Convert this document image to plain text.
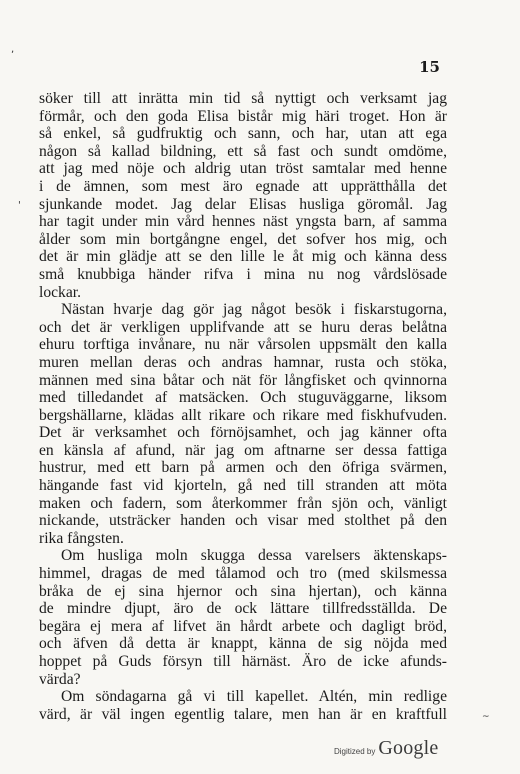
,
'
15
söker till att inrätta min tid så nyttigt och verksamt jag
förmår, och den goda Elisa bistår mig häri troget. Hon är
så enkel, så gudfruktig och sann, och har, utan att ega
någon så kallad bildning, ett så fast och sundt omdöme,
att jag med nöje och aldrig utan tröst samtalar med henne
i de ämnen, som mest äro egnade att upprätthålla det
sjunkande modet. Jag delar Elisas husliga göromål. Jag
har tagit under min vård hennes näst yngsta barn, af samma
ålder som min bortgångne engel, det sofver hos mig, och
det är min glädje att se den lille le åt mig och känna dess
små knubbiga händer rifva i mina nu nog vårdslösade
lockar.
Nästan hvarje dag gör jag något besök i fiskarstugorna,
och det är verkligen upplifvande att se huru deras belåtna
ehuru torftiga invånare, nu när vårsolen uppsmält den kalla
muren mellan deras och andras hamnar, rusta och stöka,
männen med sina båtar och nät för långfisket och qvinnorna
med tilledandet af matsäcken. Och stuguväggarne, liksom
bergshällarne, klädas allt rikare och rikare med fiskhufvuden.
Det är verksamhet och förnöjsamhet, och jag känner ofta
en känsla af afund, när jag om aftnarne ser dessa fattiga
hustrur, med ett barn på armen och den öfriga svärmen,
hängande fast vid kjorteln, gå ned till stranden att möta
maken och fadern, som återkommer från sjön och, vänligt
nickande, utsträcker handen och visar med stolthet på den
rika fångsten.
Om husliga moln skugga dessa varelsers äktenskaps-
himmel, dragas de med tålamod och tro (med skilsmessa
bråka de ej sina hjernor och sina hjertan), och känna
de mindre djupt, äro de ock lättare tillfredsställda. De
begära ej mera af lifvet än hårdt arbete och dagligt bröd,
och äfven då detta är knappt, känna de sig nöjda med
hoppet på Guds försyn till härnäst. Äro de icke afunds-
värda?
Om söndagarna gå vi till kapellet. Altén, min redlige
värd, är väl ingen egentlig talare, men han är en kraftfull	~
Digitized by Google
